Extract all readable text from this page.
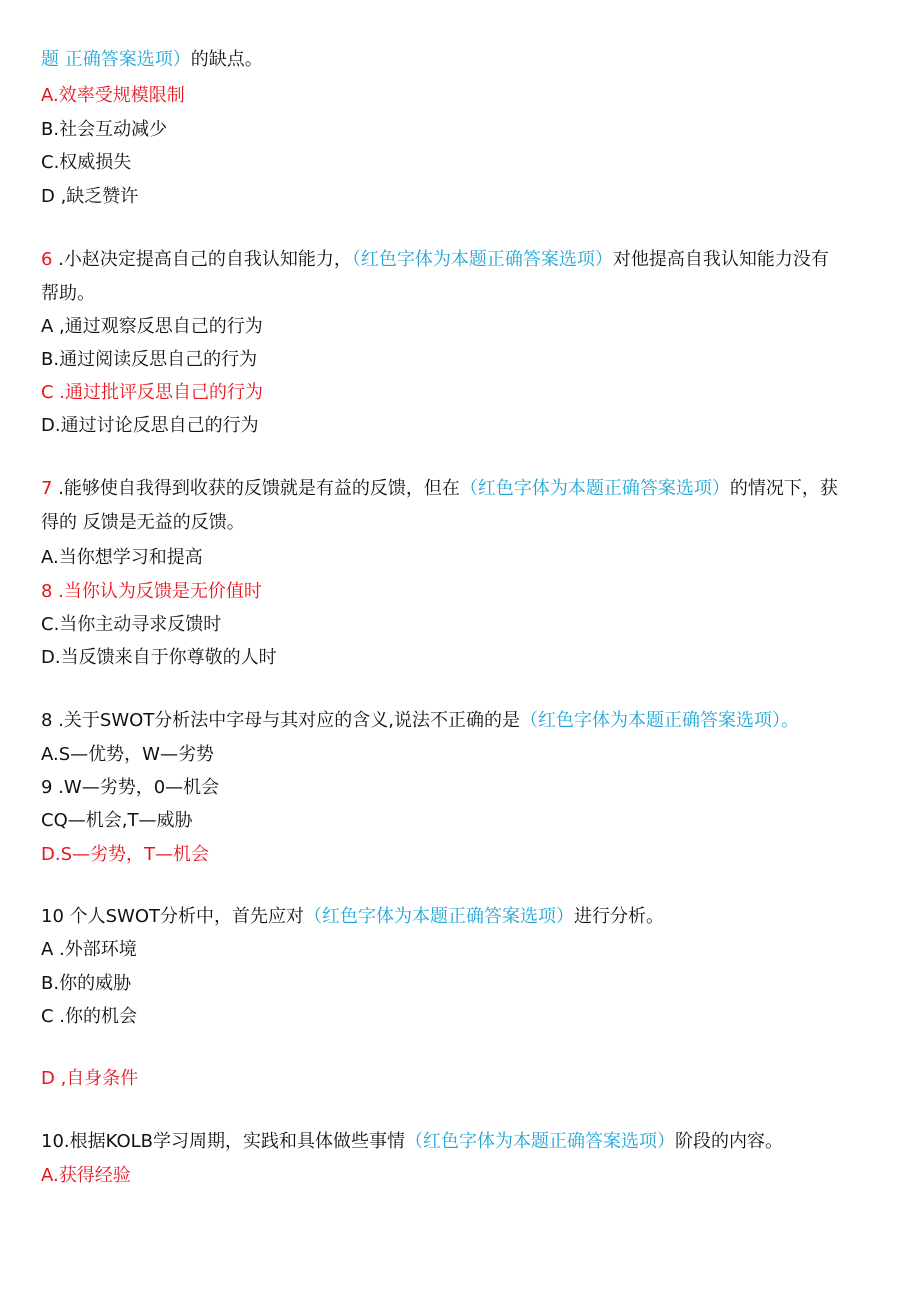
题 正确答案选项）的缺点。
A.效率受规模限制
B.社会互动减少
C.权威损失
D ,缺乏赞许
6 .小赵决定提高自己的自我认知能力，（红色字体为本题正确答案选项）对他提高自我认知能力没有
帮助。
A ,通过观察反思自己的行为
B.通过阅读反思自己的行为
C .通过批评反思自己的行为
D.通过讨论反思自己的行为
7 .能够使自我得到收获的反馈就是有益的反馈，但在（红色字体为本题正确答案选项）的情况下，获
得的 反馈是无益的反馈。
A.当你想学习和提高
8 .当你认为反馈是无价值时
C.当你主动寻求反馈时
D.当反馈来自于你尊敬的人时
8 .关于SWOT分析法中字母与其对应的含义,说法不正确的是（红色字体为本题正确答案选项）。
A.S—优势，W—劣势
9 .W—劣势，0—机会
CQ—机会,T—威胁
D.S—劣势，T—机会
10 个人SWOT分析中，首先应对（红色字体为本题正确答案选项）进行分析。
A .外部环境
B.你的威胁
C .你的机会
D ,自身条件
10.根据KOLB学习周期，实践和具体做些事情（红色字体为本题正确答案选项）阶段的内容。
A.获得经验
